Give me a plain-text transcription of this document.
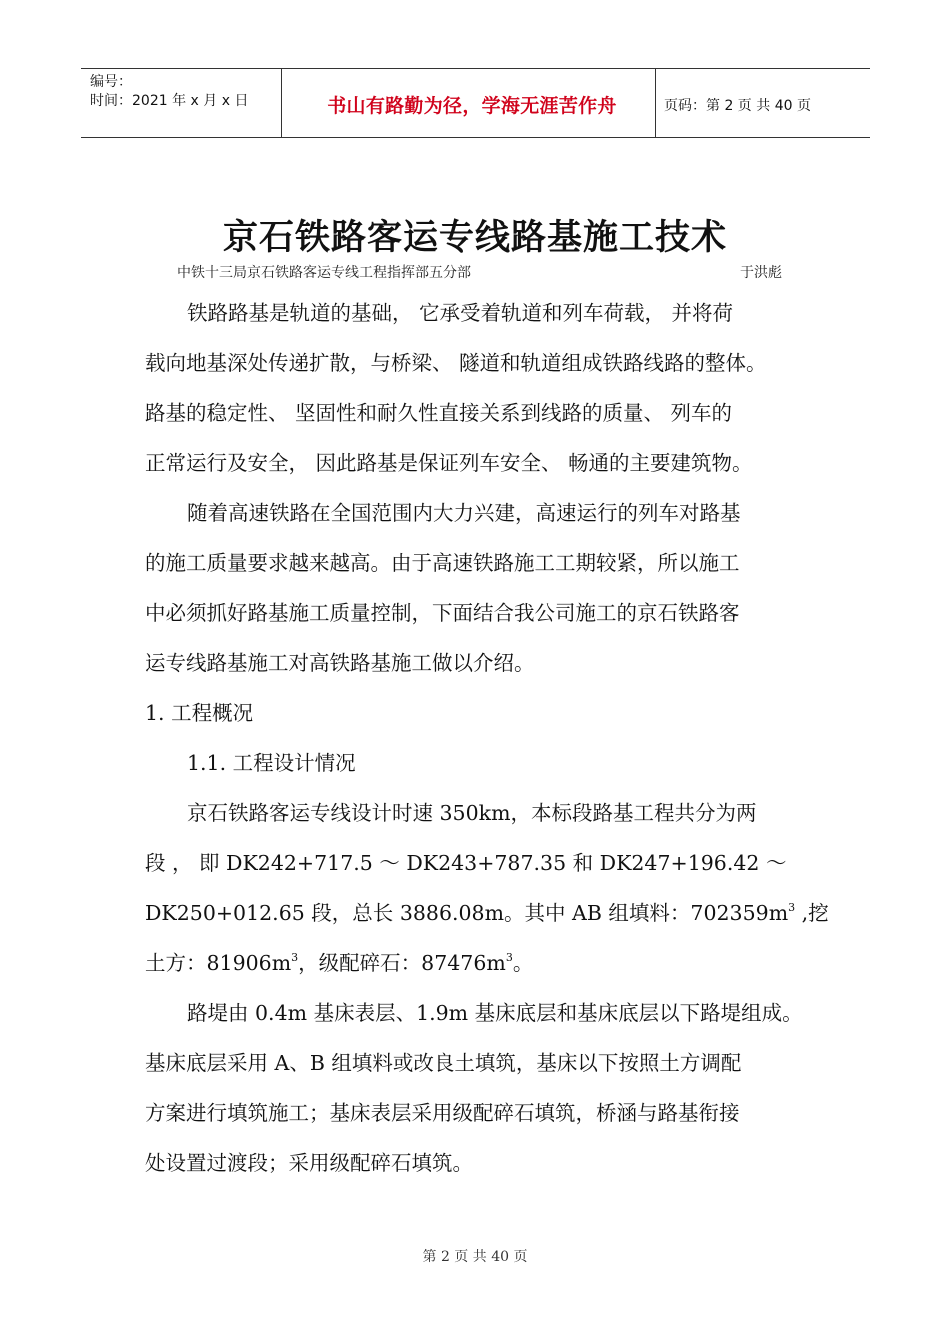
编号：
时间：2021 年 x 月 x 日	书山有路勤为径，学海无涯苦作舟	页码：第 2 页 共 40 页
京石铁路客运专线路基施工技术
中铁十三局京石铁路客运专线工程指挥部五分部	于洪彪
铁路路基是轨道的基础， 它承受着轨道和列车荷载， 并将荷
载向地基深处传递扩散，与桥梁、 隧道和轨道组成铁路线路的整体。
路基的稳定性、 坚固性和耐久性直接关系到线路的质量、 列车的
正常运行及安全， 因此路基是保证列车安全、 畅通的主要建筑物。
随着高速铁路在全国范围内大力兴建，高速运行的列车对路基
的施工质量要求越来越高。由于高速铁路施工工期较紧，所以施工
中必须抓好路基施工质量控制，下面结合我公司施工的京石铁路客
运专线路基施工对高铁路基施工做以介绍。
1. 工程概况
1.1. 工程设计情况
京石铁路客运专线设计时速 350km，本标段路基工程共分为两
段 ， 即 DK242+717.5 ～ DK243+787.35 和 DK247+196.42 ～
DK250+012.65 段，总长 3886.08m。其中 AB 组填料：$702359m^3$ ,挖
土方：$81906m^3$，级配碎石：$87476m^3$。
路堤由 0.4m 基床表层、1.9m 基床底层和基床底层以下路堤组成。
基床底层采用 A、B 组填料或改良土填筑，基床以下按照土方调配
方案进行填筑施工；基床表层采用级配碎石填筑，桥涵与路基衔接
处设置过渡段；采用级配碎石填筑。
第 2 页 共 40 页
